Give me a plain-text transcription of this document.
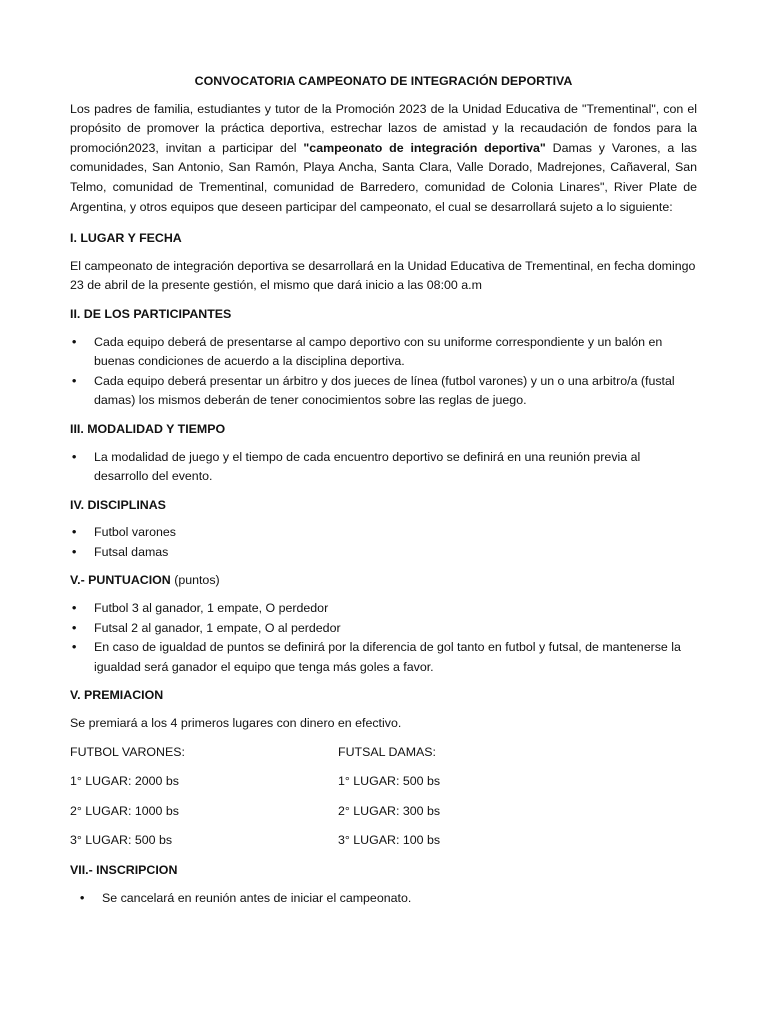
CONVOCATORIA CAMPEONATO DE INTEGRACIÓN DEPORTIVA

Los padres de familia, estudiantes y tutor de la Promoción 2023 de la Unidad Educativa de "Trementinal", con el propósito de promover la práctica deportiva, estrechar lazos de amistad y la recaudación de fondos para la promoción2023, invitan a participar del "campeonato de integración deportiva" Damas y Varones, a las comunidades, San Antonio, San Ramón, Playa Ancha, Santa Clara, Valle Dorado, Madrejones, Cañaveral, San Telmo, comunidad de Trementinal, comunidad de Barredero, comunidad de Colonia Linares", River Plate de Argentina, y otros equipos que deseen participar del campeonato, el cual se desarrollará sujeto a lo siguiente:

I. LUGAR Y FECHA

El campeonato de integración deportiva se desarrollará en la Unidad Educativa de Trementinal, en fecha domingo 23 de abril de la presente gestión, el mismo que dará inicio a las 08:00 a.m

II. DE LOS PARTICIPANTES

• Cada equipo deberá de presentarse al campo deportivo con su uniforme correspondiente y un balón en buenas condiciones de acuerdo a la disciplina deportiva.
• Cada equipo deberá presentar un árbitro y dos jueces de línea (futbol varones) y un o una arbitro/a (fustal damas) los mismos deberán de tener conocimientos sobre las reglas de juego.

III. MODALIDAD Y TIEMPO

• La modalidad de juego y el tiempo de cada encuentro deportivo se definirá en una reunión previa al desarrollo del evento.

IV. DISCIPLINAS

• Futbol varones
• Futsal damas

V.- PUNTUACION (puntos)

• Futbol 3 al ganador, 1 empate, O perdedor
• Futsal 2 al ganador, 1 empate, O al perdedor
• En caso de igualdad de puntos se definirá por la diferencia de gol tanto en futbol y futsal, de mantenerse la igualdad será ganador el equipo que tenga más goles a favor.

V. PREMIACION

Se premiará a los 4 primeros lugares con dinero en efectivo.

FUTBOL VARONES:	FUTSAL DAMAS:
1° LUGAR: 2000 bs	1° LUGAR: 500 bs
2° LUGAR: 1000 bs	2° LUGAR: 300 bs
3° LUGAR: 500 bs	3° LUGAR: 100 bs

VII.- INSCRIPCION

• Se cancelará en reunión antes de iniciar el campeonato.
